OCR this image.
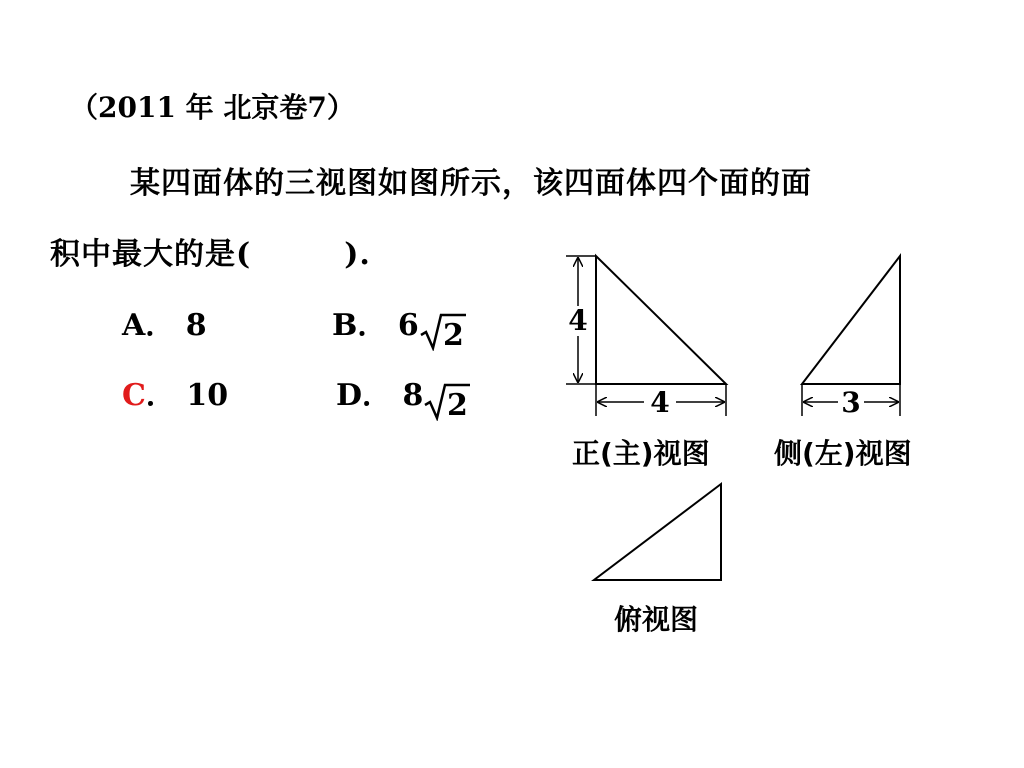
（2011 年 北京卷7）
某四面体的三视图如图所示，该四面体四个面的面
积中最大的是(　　　).
A． 8	B． 6 2
C． 10	D． 8 2
4
4	3
正(主)视图 侧(左)视图
俯视图
